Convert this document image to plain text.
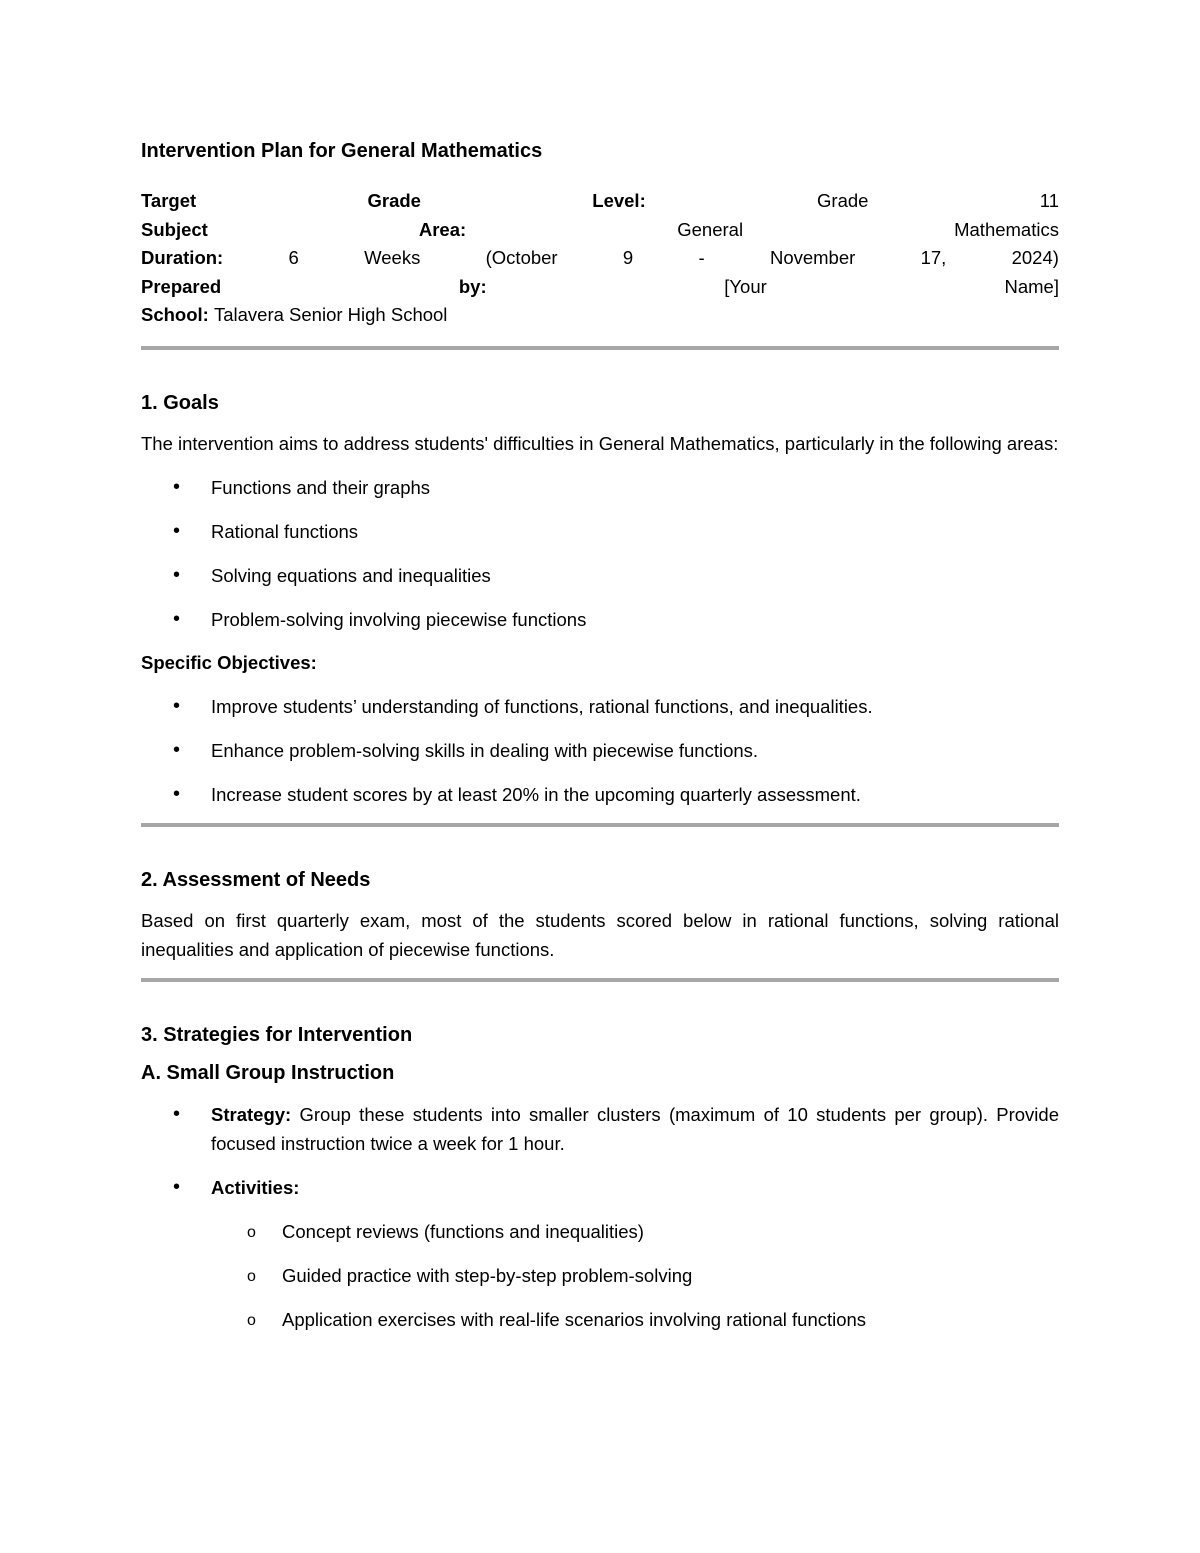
Intervention Plan for General Mathematics
Target	Grade	Level:	Grade	11
Subject	Area:	General	Mathematics
Duration:	6	Weeks	(October	9	-	November	17,	2024)
Prepared	by:	[Your	Name]
School:
Talavera Senior High School
1. Goals

The intervention aims to address students' difficulties in General Mathematics, particularly in the following areas:

• Functions and their graphs
• Rational functions
• Solving equations and inequalities
• Problem-solving involving piecewise functions
Specific Objectives:
• Improve students’ understanding of functions, rational functions, and inequalities.
• Enhance problem-solving skills in dealing with piecewise functions.
• Increase student scores by at least 20% in the upcoming quarterly assessment.
2. Assessment of Needs

Based on first quarterly exam, most of the students scored below in rational functions, solving rational inequalities and application of piecewise functions.

3. Strategies for Intervention
A. Small Group Instruction
• Strategy: Group these students into smaller clusters (maximum of 10 students per group). Provide focused instruction twice a week for 1 hour.
• Activities:
o Concept reviews (functions and inequalities)
o Guided practice with step-by-step problem-solving
o Application exercises with real-life scenarios involving rational functions
